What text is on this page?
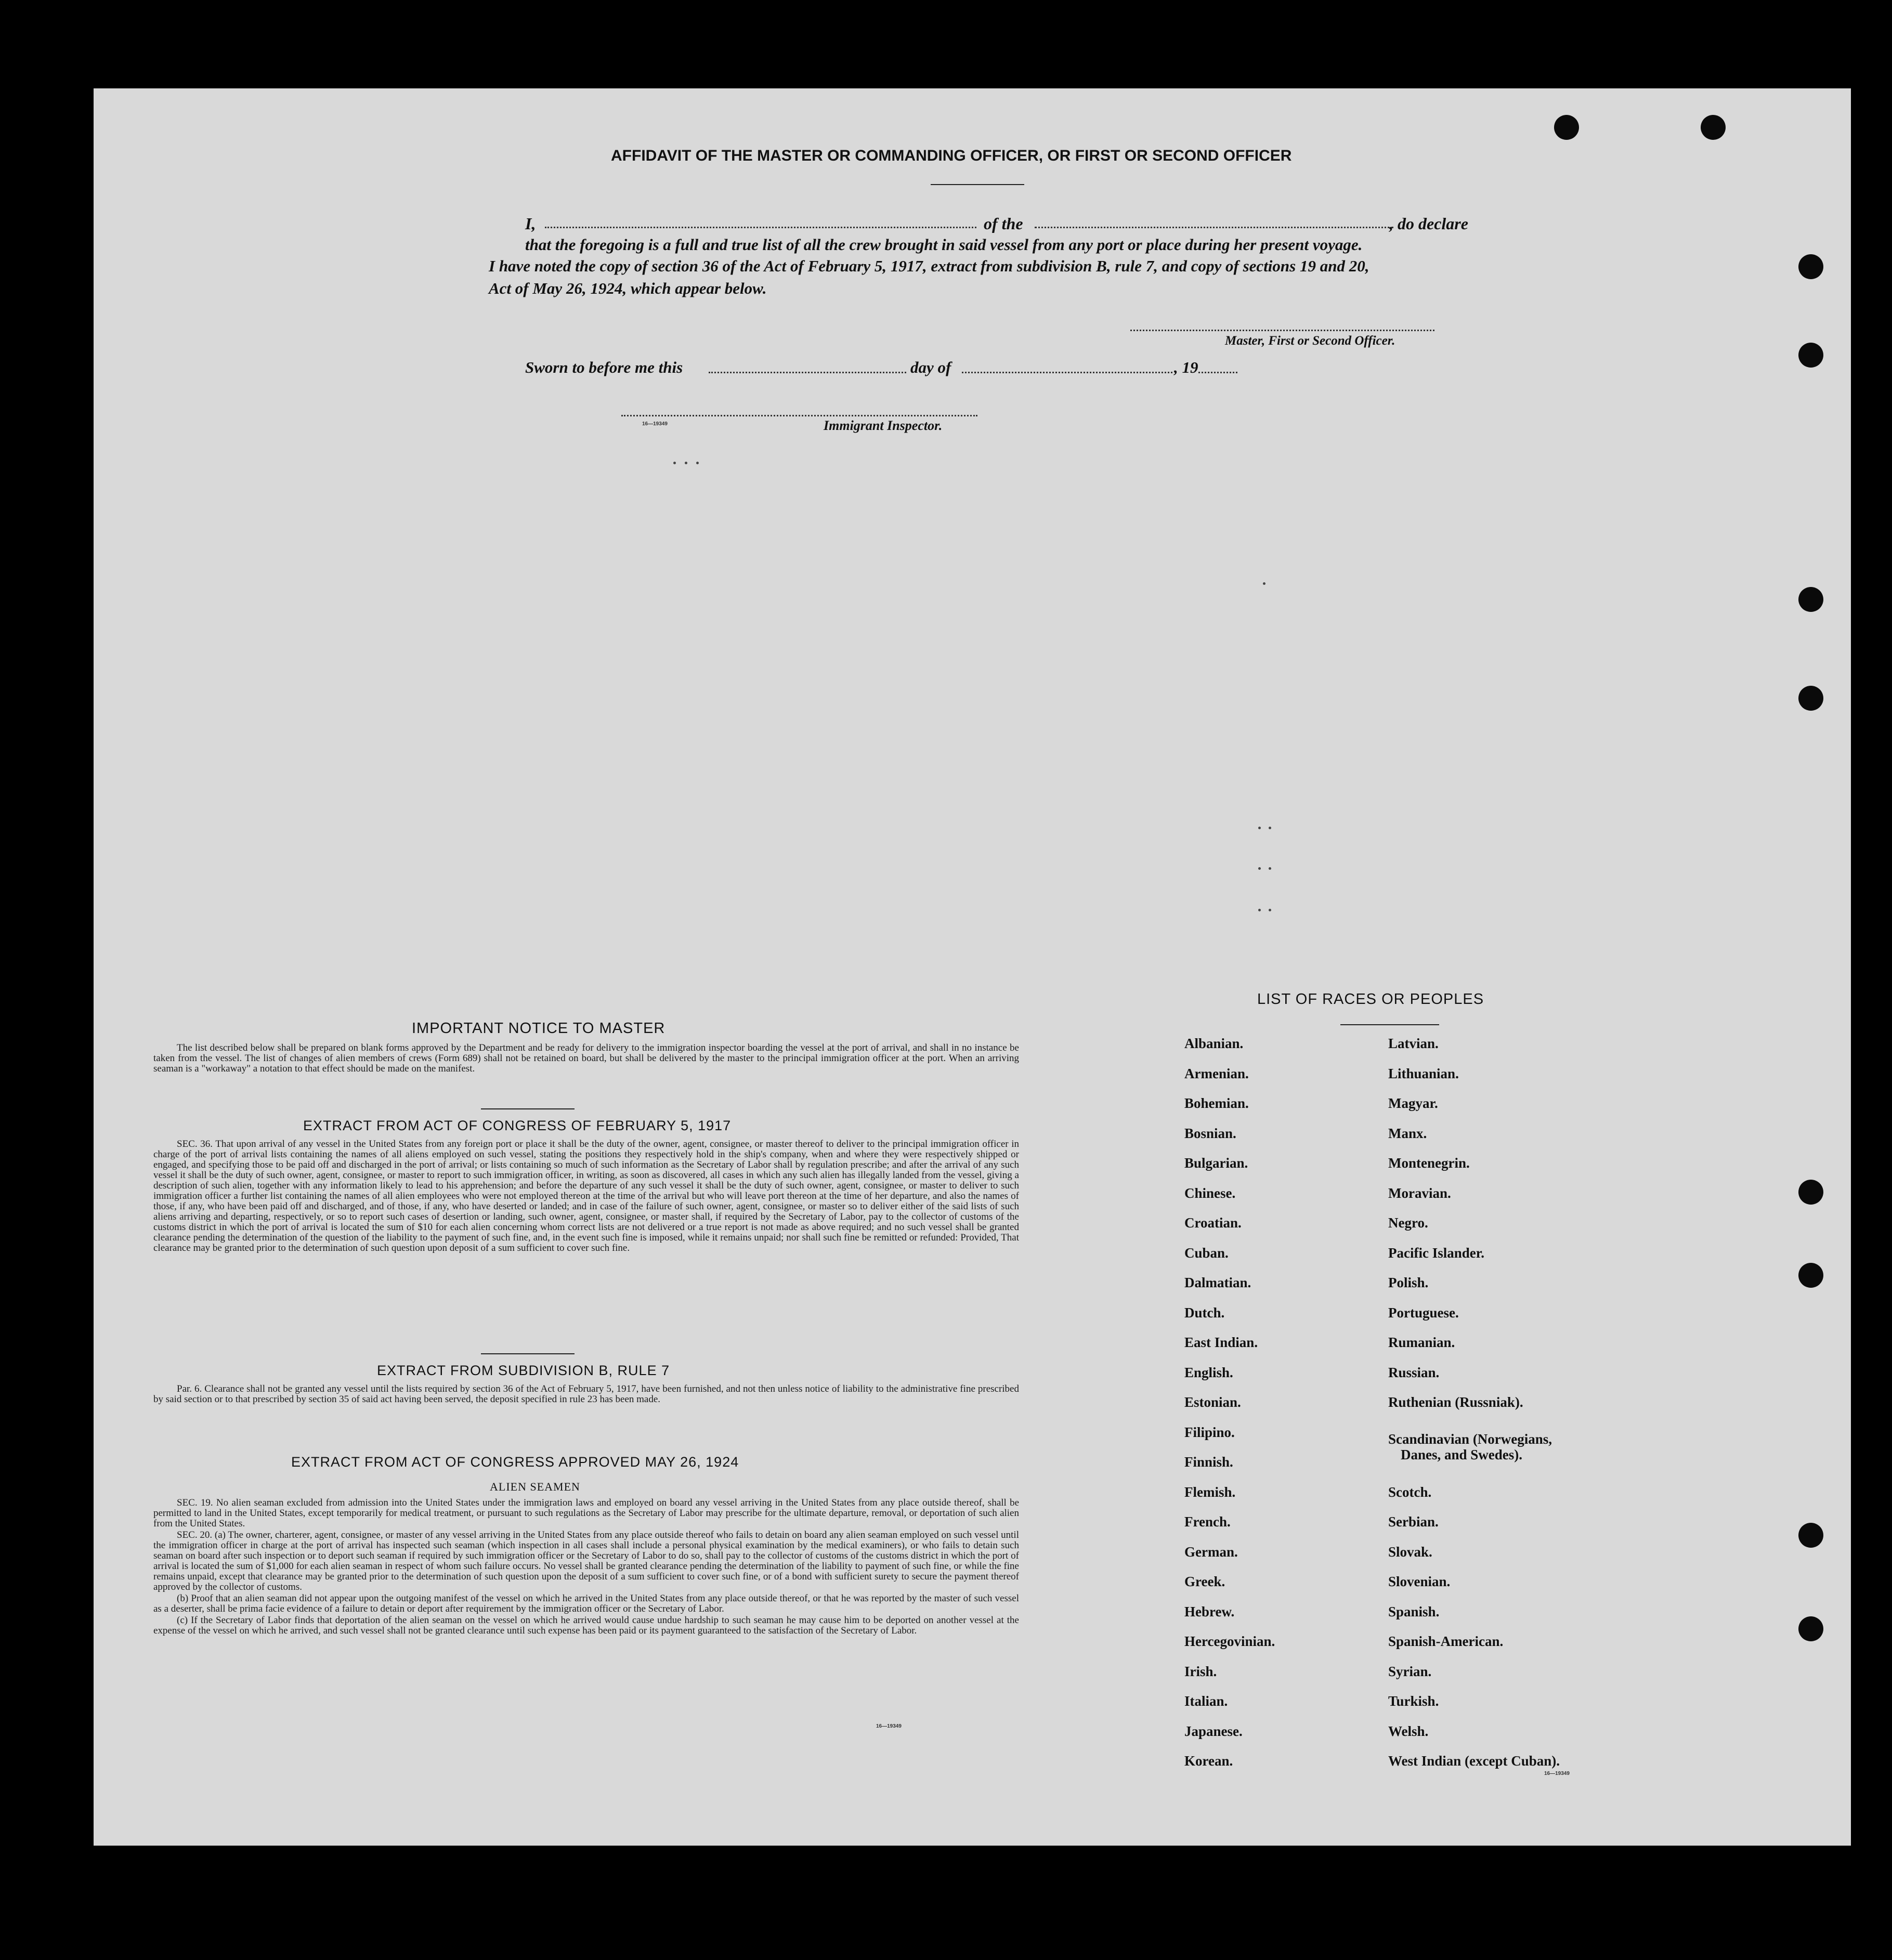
AFFIDAVIT OF THE MASTER OR COMMANDING OFFICER, OR FIRST OR SECOND OFFICER
I,	of the	, do declare
that the foregoing is a full and true list of all the crew brought in said vessel from any port or place during her present voyage.
I have noted the copy of section 36 of the Act of February 5, 1917, extract from subdivision B, rule 7, and copy of sections 19 and 20,
Act of May 26, 1924, which appear below.
Master, First or Second Officer.
Sworn to before me this	day of	, 19
16—19349	Immigrant Inspector.
IMPORTANT NOTICE TO MASTER

The list described below shall be prepared on blank forms approved by the Department and be ready for delivery to the immigration inspector boarding the vessel at the port of arrival, and shall in no instance be taken from the vessel. The list of changes of alien members of crews (Form 689) shall not be retained on board, but shall be delivered by the master to the principal immigration officer at the port. When an arriving seaman is a "workaway" a notation to that effect should be made on the manifest.

EXTRACT FROM ACT OF CONGRESS OF FEBRUARY 5, 1917

SEC. 36. That upon arrival of any vessel in the United States from any foreign port or place it shall be the duty of the owner, agent, consignee, or master thereof to deliver to the principal immigration officer in charge of the port of arrival lists containing the names of all aliens employed on such vessel, stating the positions they respectively hold in the ship's company, when and where they were respectively shipped or engaged, and specifying those to be paid off and discharged in the port of arrival; or lists containing so much of such information as the Secretary of Labor shall by regulation prescribe; and after the arrival of any such vessel it shall be the duty of such owner, agent, consignee, or master to report to such immigration officer, in writing, as soon as discovered, all cases in which any such alien has illegally landed from the vessel, giving a description of such alien, together with any information likely to lead to his apprehension; and before the departure of any such vessel it shall be the duty of such owner, agent, consignee, or master to deliver to such immigration officer a further list containing the names of all alien employees who were not employed thereon at the time of the arrival but who will leave port thereon at the time of her departure, and also the names of those, if any, who have been paid off and discharged, and of those, if any, who have deserted or landed; and in case of the failure of such owner, agent, consignee, or master so to deliver either of the said lists of such aliens arriving and departing, respectively, or so to report such cases of desertion or landing, such owner, agent, consignee, or master shall, if required by the Secretary of Labor, pay to the collector of customs of the customs district in which the port of arrival is located the sum of $10 for each alien concerning whom correct lists are not delivered or a true report is not made as above required; and no such vessel shall be granted clearance pending the determination of the question of the liability to the payment of such fine, and, in the event such fine is imposed, while it remains unpaid; nor shall such fine be remitted or refunded: Provided, That clearance may be granted prior to the determination of such question upon deposit of a sum sufficient to cover such fine.

EXTRACT FROM SUBDIVISION B, RULE 7

Par. 6. Clearance shall not be granted any vessel until the lists required by section 36 of the Act of February 5, 1917, have been furnished, and not then unless notice of liability to the administrative fine prescribed by said section or to that prescribed by section 35 of said act having been served, the deposit specified in rule 23 has been made.

EXTRACT FROM ACT OF CONGRESS APPROVED MAY 26, 1924
ALIEN SEAMEN

SEC. 19. No alien seaman excluded from admission into the United States under the immigration laws and employed on board any vessel arriving in the United States from any place outside thereof, shall be permitted to land in the United States, except temporarily for medical treatment, or pursuant to such regulations as the Secretary of Labor may prescribe for the ultimate departure, removal, or deportation of such alien from the United States.

SEC. 20. (a) The owner, charterer, agent, consignee, or master of any vessel arriving in the United States from any place outside thereof who fails to detain on board any alien seaman employed on such vessel until the immigration officer in charge at the port of arrival has inspected such seaman (which inspection in all cases shall include a personal physical examination by the medical examiners), or who fails to detain such seaman on board after such inspection or to deport such seaman if required by such immigration officer or the Secretary of Labor to do so, shall pay to the collector of customs of the customs district in which the port of arrival is located the sum of $1,000 for each alien seaman in respect of whom such failure occurs. No vessel shall be granted clearance pending the determination of the liability to payment of such fine, or while the fine remains unpaid, except that clearance may be granted prior to the determination of such question upon the deposit of a sum sufficient to cover such fine, or of a bond with sufficient surety to secure the payment thereof approved by the collector of customs.

(b) Proof that an alien seaman did not appear upon the outgoing manifest of the vessel on which he arrived in the United States from any place outside thereof, or that he was reported by the master of such vessel as a deserter, shall be prima facie evidence of a failure to detain or deport after requirement by the immigration officer or the Secretary of Labor.

(c) If the Secretary of Labor finds that deportation of the alien seaman on the vessel on which he arrived would cause undue hardship to such seaman he may cause him to be deported on another vessel at the expense of the vessel on which he arrived, and such vessel shall not be granted clearance until such expense has been paid or its payment guaranteed to the satisfaction of the Secretary of Labor.

16—19349
LIST OF RACES OR PEOPLES
Albanian.
Armenian.
Bohemian.
Bosnian.
Bulgarian.
Chinese.
Croatian.
Cuban.
Dalmatian.
Dutch.
East Indian.
English.
Estonian.
Filipino.
Finnish.
Flemish.
French.
German.
Greek.
Hebrew.
Hercegovinian.
Irish.
Italian.
Japanese.
Korean.
Latvian.
Lithuanian.
Magyar.
Manx.
Montenegrin.
Moravian.
Negro.
Pacific Islander.
Polish.
Portuguese.
Rumanian.
Russian.
Ruthenian (Russniak).
Scandinavian (Norwegians,
Danes, and Swedes).
Scotch.
Serbian.
Slovak.
Slovenian.
Spanish.
Spanish-American.
Syrian.
Turkish.
Welsh.
West Indian (except Cuban).
16—19349
